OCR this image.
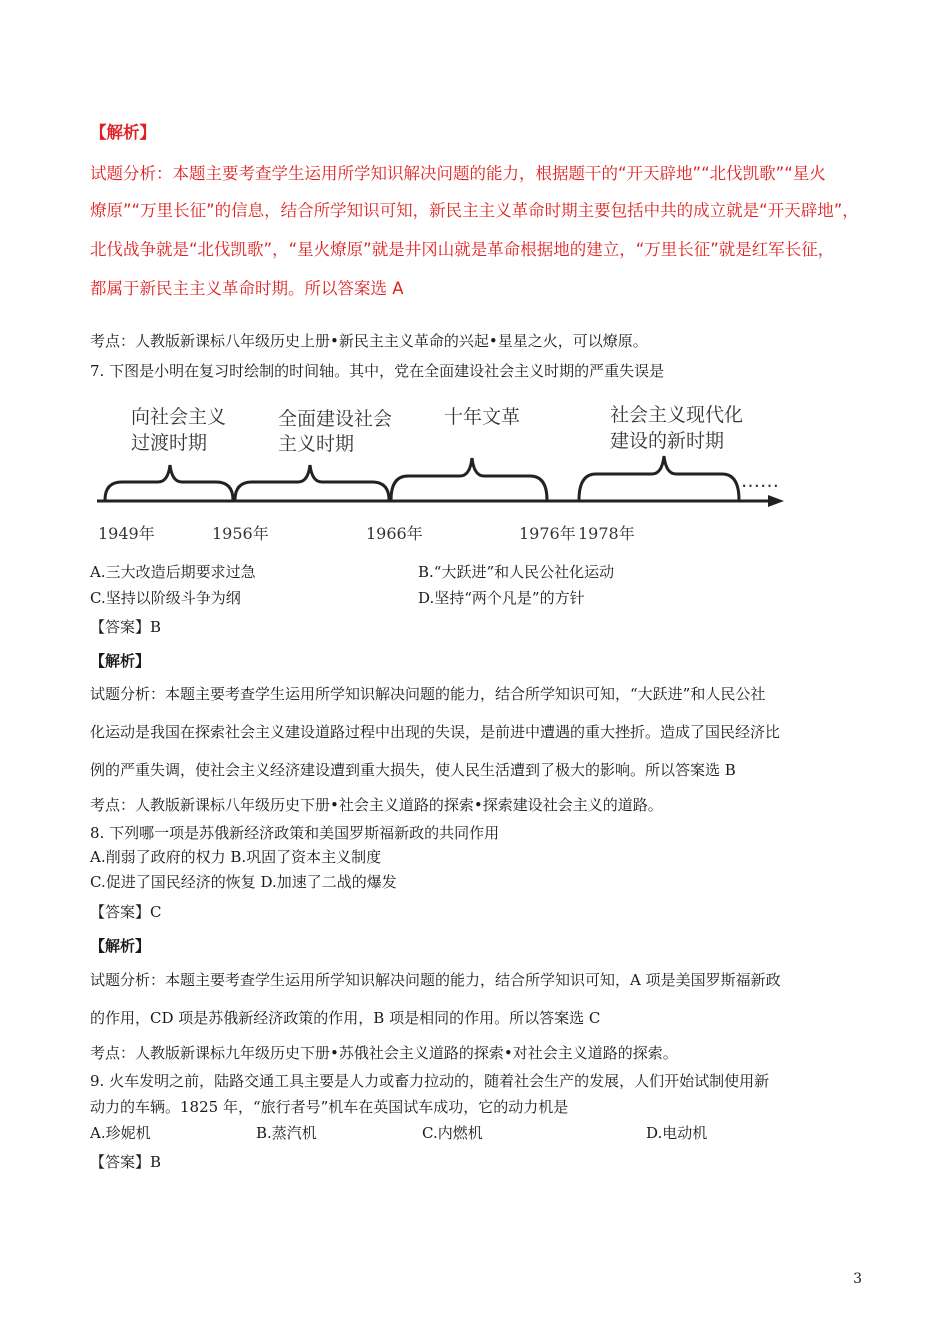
【解析】
试题分析：本题主要考查学生运用所学知识解决问题的能力，根据题干的“开天辟地”“北伐凯歌”“星火
燎原”“万里长征”的信息，结合所学知识可知，新民主主义革命时期主要包括中共的成立就是“开天辟地”，
北伐战争就是“北伐凯歌”，“星火燎原”就是井冈山就是革命根据地的建立，“万里长征”就是红军长征，
都属于新民主主义革命时期。所以答案选 A
考点：人教版新课标八年级历史上册•新民主主义革命的兴起•星星之火，可以燎原。
7. 下图是小明在复习时绘制的时间轴。其中，党在全面建设社会主义时期的严重失误是
……
向社会主义
过渡时期
全面建设社会
主义时期
十年文革	社会主义现代化
建设的新时期
1949年	1956年	1966年	1976年 1978年
A.三大改造后期要求过急	B.“大跃进”和人民公社化运动
C.坚持以阶级斗争为纲	D.坚持“两个凡是”的方针
【答案】B
【解析】
试题分析：本题主要考查学生运用所学知识解决问题的能力，结合所学知识可知，“大跃进”和人民公社
化运动是我国在探索社会主义建设道路过程中出现的失误，是前进中遭遇的重大挫折。造成了国民经济比
例的严重失调，使社会主义经济建设遭到重大损失，使人民生活遭到了极大的影响。所以答案选 B
考点：人教版新课标八年级历史下册•社会主义道路的探索•探索建设社会主义的道路。
8. 下列哪一项是苏俄新经济政策和美国罗斯福新政的共同作用
A.削弱了政府的权力 B.巩固了资本主义制度
C.促进了国民经济的恢复 D.加速了二战的爆发
【答案】C
【解析】
试题分析：本题主要考查学生运用所学知识解决问题的能力，结合所学知识可知，A 项是美国罗斯福新政
的作用，CD 项是苏俄新经济政策的作用，B 项是相同的作用。所以答案选 C
考点：人教版新课标九年级历史下册•苏俄社会主义道路的探索•对社会主义道路的探索。
9. 火车发明之前，陆路交通工具主要是人力或畜力拉动的，随着社会生产的发展，人们开始试制使用新
动力的车辆。1825 年，“旅行者号”机车在英国试车成功，它的动力机是
A.珍妮机	B.蒸汽机	C.内燃机	D.电动机
【答案】B
3
